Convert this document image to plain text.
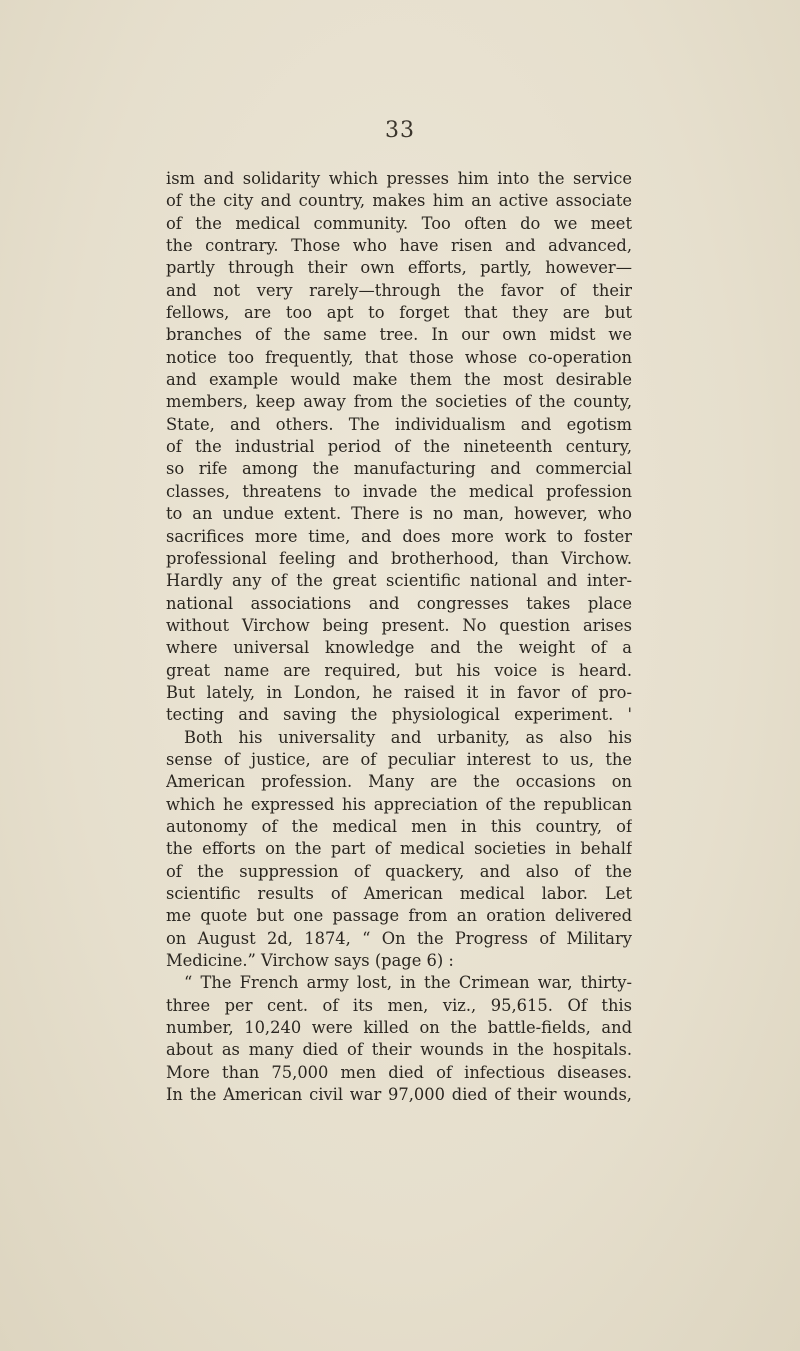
33
ism and solidarity which presses him into the service
of the city and country, makes him an active associate
of the medical community. Too often do we meet
the contrary. Those who have risen and advanced,
partly through their own efforts, partly, however—
and not very rarely—through the favor of their
fellows, are too apt to forget that they are but
branches of the same tree. In our own midst we
notice too frequently, that those whose co-operation
and example would make them the most desirable
members, keep away from the societies of the county,
State, and others. The individualism and egotism
of the industrial period of the nineteenth century,
so rife among the manufacturing and commercial
classes, threatens to invade the medical profession
to an undue extent. There is no man, however, who
sacrifices more time, and does more work to foster
professional feeling and brotherhood, than Virchow.
Hardly any of the great scientific national and inter-
national associations and congresses takes place
without Virchow being present. No question arises
where universal knowledge and the weight of a
great name are required, but his voice is heard.
But lately, in London, he raised it in favor of pro-
tecting and saving the physiological experiment. '
Both his universality and urbanity, as also his
sense of justice, are of peculiar interest to us, the
American profession. Many are the occasions on
which he expressed his appreciation of the republican
autonomy of the medical men in this country, of
the efforts on the part of medical societies in behalf
of the suppression of quackery, and also of the
scientific results of American medical labor. Let
me quote but one passage from an oration delivered
on August 2d, 1874, “ On the Progress of Military
Medicine.” Virchow says (page 6) :
“ The French army lost, in the Crimean war, thirty-
three per cent. of its men, viz., 95,615. Of this
number, 10,240 were killed on the battle-fields, and
about as many died of their wounds in the hospitals.
More than 75,000 men died of infectious diseases.
In the American civil war 97,000 died of their wounds,
